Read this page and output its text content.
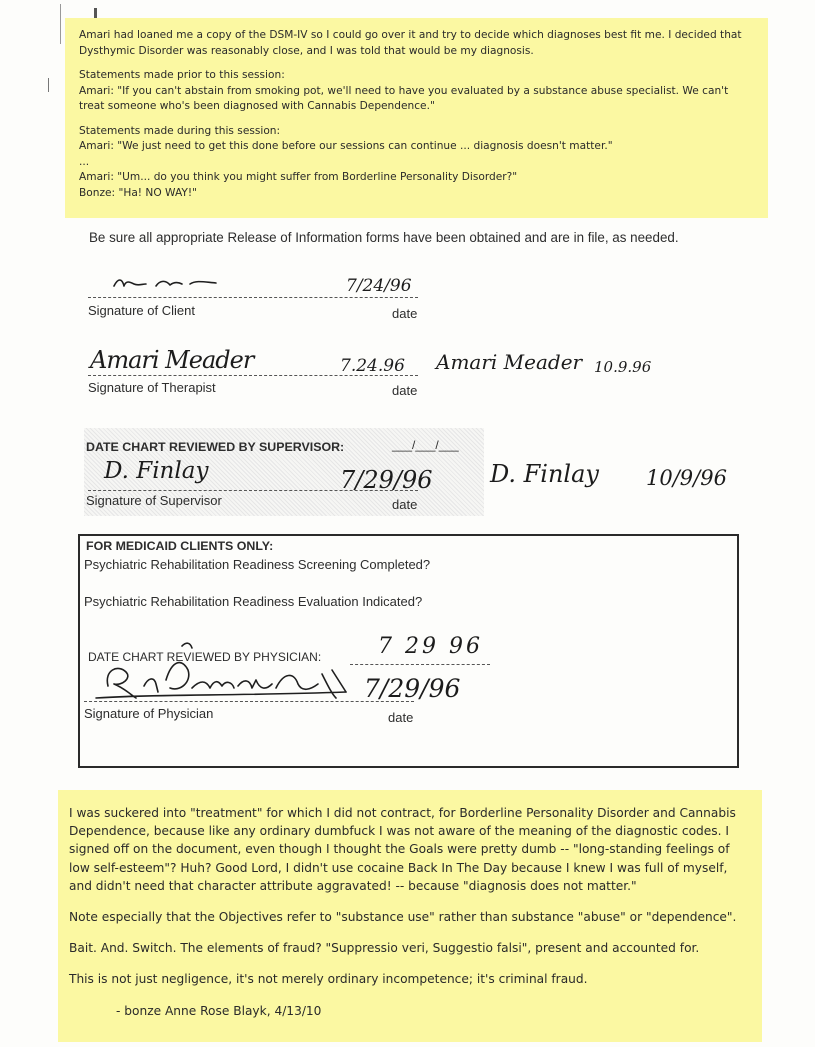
Amari had loaned me a copy of the DSM-IV so I could go over it and try to decide which diagnoses best fit me. I decided that Dysthymic Disorder was reasonably close, and I was told that would be my diagnosis.

Statements made prior to this session:

Amari: "If you can't abstain from smoking pot, we'll need to have you evaluated by a substance abuse specialist. We can't treat someone who's been diagnosed with Cannabis Dependence."

Statements made during this session:

Amari: "We just need to get this done before our sessions can continue ... diagnosis doesn't matter."

...

Amari: "Um... do you think you might suffer from Borderline Personality Disorder?"

Bonze: "Ha! NO WAY!"

Be sure all appropriate Release of Information forms have been obtained and are in file, as needed.
7/24/96
Signature of Client	date
Amari Meader	7.24.96 Amari Meader 10.9.96
Signature of Therapist	date
DATE CHART REVIEWED BY SUPERVISOR:	___/___/___
D. Finlay	7/29/96 D. Finlay 10/9/96
Signature of Supervisor	date
FOR MEDICAID CLIENTS ONLY:
Psychiatric Rehabilitation Readiness Screening Completed?
Psychiatric Rehabilitation Readiness Evaluation Indicated?
DATE CHART REVIEWED BY PHYSICIAN:	7 29 96
7/29/96
Signature of Physician	date

I was suckered into "treatment" for which I did not contract, for Borderline Personality Disorder and Cannabis Dependence, because like any ordinary dumbfuck I was not aware of the meaning of the diagnostic codes. I signed off on the document, even though I thought the Goals were pretty dumb -- "long-standing feelings of low self-esteem"? Huh? Good Lord, I didn't use cocaine Back In The Day because I knew I was full of myself, and didn't need that character attribute aggravated! -- because "diagnosis does not matter."

Note especially that the Objectives refer to "substance use" rather than substance "abuse" or "dependence".

Bait. And. Switch. The elements of fraud? "Suppressio veri, Suggestio falsi", present and accounted for.

This is not just negligence, it's not merely ordinary incompetence; it's criminal fraud.

- bonze Anne Rose Blayk, 4/13/10
